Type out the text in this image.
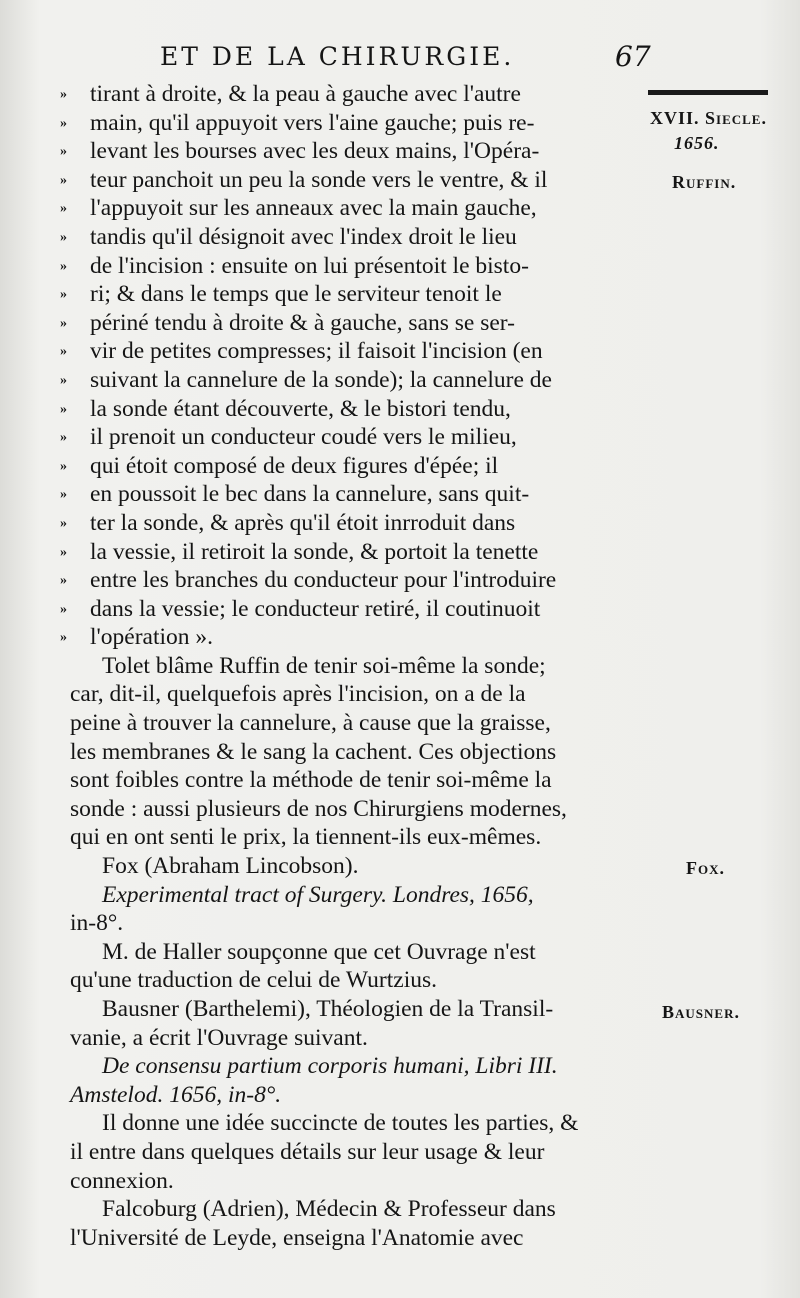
ET DE LA CHIRURGIE.	67
XVII. Siecle.
1656.
Ruffin.
Fox.
Bausner.
» tirant à droite, & la peau à gauche avec l'autre
» main, qu'il appuyoit vers l'aine gauche; puis re-
» levant les bourses avec les deux mains, l'Opéra-
» teur panchoit un peu la sonde vers le ventre, & il
» l'appuyoit sur les anneaux avec la main gauche,
» tandis qu'il désignoit avec l'index droit le lieu
» de l'incision : ensuite on lui présentoit le bisto-
» ri; & dans le temps que le serviteur tenoit le
» périné tendu à droite & à gauche, sans se ser-
» vir de petites compresses; il faisoit l'incision (en
» suivant la cannelure de la sonde); la cannelure de
» la sonde étant découverte, & le bistori tendu,
» il prenoit un conducteur coudé vers le milieu,
» qui étoit composé de deux figures d'épée; il
» en poussoit le bec dans la cannelure, sans quit-
» ter la sonde, & après qu'il étoit inrroduit dans
» la vessie, il retiroit la sonde, & portoit la tenette
» entre les branches du conducteur pour l'introduire
» dans la vessie; le conducteur retiré, il coutinuoit
» l'opération ».
Tolet blâme Ruffin de tenir soi-même la sonde;
car, dit-il, quelquefois après l'incision, on a de la
peine à trouver la cannelure, à cause que la graisse,
les membranes & le sang la cachent. Ces objections
sont foibles contre la méthode de tenir soi-même la
sonde : aussi plusieurs de nos Chirurgiens modernes,
qui en ont senti le prix, la tiennent-ils eux-mêmes.
Fox (Abraham Lincobson).
Experimental tract of Surgery. Londres, 1656,
in-8°.
M. de Haller soupçonne que cet Ouvrage n'est
qu'une traduction de celui de Wurtzius.
Bausner (Barthelemi), Théologien de la Transil-
vanie, a écrit l'Ouvrage suivant.
De consensu partium corporis humani, Libri III.
Amstelod. 1656, in-8°.
Il donne une idée succincte de toutes les parties, &
il entre dans quelques détails sur leur usage & leur
connexion.
Falcoburg (Adrien), Médecin & Professeur dans
l'Université de Leyde, enseigna l'Anatomie avec
